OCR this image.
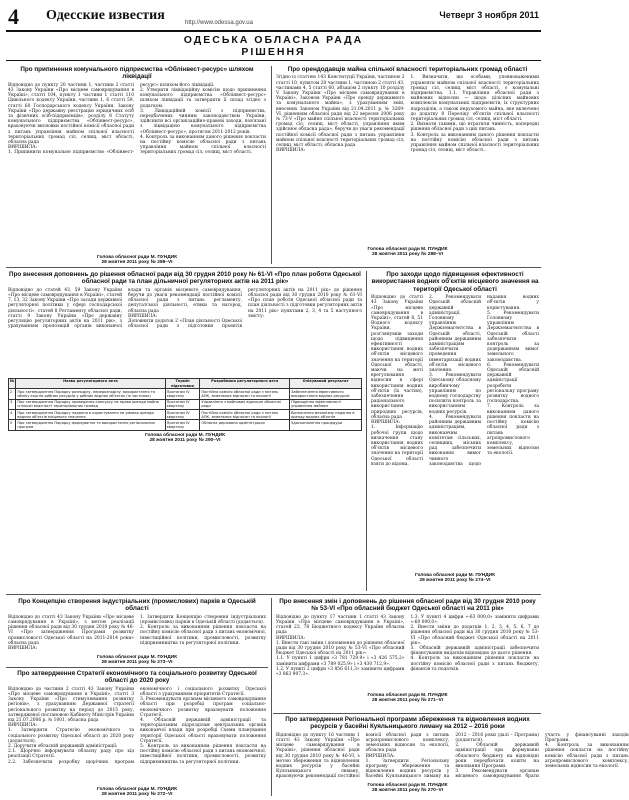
4 Одесские известия	http://www.odessa.gov.ua
Четверг 3 ноября 2011
ОДЕСЬКА ОБЛАСНА РАДА
РІШЕННЯ
Про припинення комунального підприємства «Облінвест-ресурс» шляхом ліквідації
Відповідно до пункту 20 частини 1, частини 2 статті 43 Закону України «Про місцеве самоврядування в Україні», статті 104, пункту 1 частини 1 статті 110 Цивільного кодексу України, частини 1, 6 статті 59, статті 60 Господарського кодексу України, Закону України «Про державну реєстрацію юридичних осіб та фізичних осіб-підприємців», розділу 8 Статуту комунального підприємства «Облінвест-ресурс», враховуючи висновки постійної комісії обласної ради з питань управління майном спільної власності територіальних громад сіл, селищ, міст області, обласна рада
ВИРІШИЛА:
1. Припинити комунальне підприємство «Облінвест-ресурс» шляхом його ліквідації.
2. Утворити ліквідаційну комісію щодо припинення комунального підприємства «Облінвест-ресурс» шляхом ліквідації та затвердити її склад згідно з додатком.
3. Ліквідаційній комісії з підприємства, передбачених чинним законодавством України, здійснити всі організаційно-правові заходи, пов'язані з ліквідацією комунального підприємства «Облінвест-ресурс», протягом 2011-2012 років.
4. Контроль за виконанням даного рішення покласти на постійну комісію обласної ради з питань управління майном спільної власності територіальних громад сіл, селищ, міст області.
Голова обласної ради М. ПУНДИК
28 жовтня 2011 року № 289–VI
Про орендодавців майна спільної власності територіальних громад області
Згідно із статтею 143 Конституції України, частиною 2 статті 10, пунктом 20 частини 1, частиною 2 статті 43, частинами 4, 5 статті 60, абзацом 2 пункту 10 розділу V Закону України «Про місцеве самоврядування в Україні», Законом України «Про оренду державного та комунального майна», з урахуванням змін, внесених Законом України від 21.04.2011 р. № 3269-VI, рішенням обласної ради від 22 вересня 2006 року № 73-V «Про майно спільної власності територіальних громад сіл, селищ, міст області, управління яким здійснює обласна рада», беручи до уваги рекомендації постійної комісії обласної ради з питань управління майном спільної власності територіальних громад сіл, селищ, міст області, обласна рада
ВИРІШИЛА:
1. Визначити, що особами, уповноваженими управляти майном спільної власності територіальних громад сіл, селищ, міст області, є комунальні підприємства. 1.1. Управління обласної ради з майнових відносин — щодо цілісних майнових комплексів комунальних підприємств, їх структурних підрозділів, а також нерухомого майна, яке включено до додатку 8 Переліку об'єктів спільної власності територіальних громад сіл, селищ, міст області.
2. Визнати такими, що втратили чинність, попередні рішення обласної ради з цих питань.
3. Контроль за виконанням даного рішення покласти на постійну комісію обласної ради з питань управління майном спільної власності територіальних громад сіл, селищ, міст області.
Голова обласної ради М. ПУНДИК
28 жовтня 2011 року № 288–VI
Про внесення доповнень до рішення обласної ради від 30 грудня 2010 року № 61-VI «Про план роботи Одеської обласної ради та план дільничної регуляторних актів на 2011 рік»
Відповідно до статей 43, 59 Закону України «Про місцеве самоврядування в Україні», статей 7, 13, 32 Закону України «Про засади державної регуляторної політики у сфері господарської діяльності», статей 8 Регламенту обласної ради, статті 9 Закону України «Про державну регуляцію регуляторних актів на 2011 рік», з урахуванням пропозицій органів виконавчої влади та органів місцевого самоврядування, беручи до уваги рекомендації постійної комісії обласної ради з питань регламенту, депутатської діяльності, етики та нагород, обласна рада
ВИРІШИЛА:
Доповнити додаток 2 «План діяльності Одеської обласної ради з підготовки проектів регуляторних актів на 2011 рік» до рішення обласної ради від 30 грудня 2010 року № 61-VI «Про план роботи Одеської обласної ради та план діяльності з підготовки регуляторних актів на 2011 рік» пунктами 2, 3, 4 та 5 наступного змісту:
№	Назва регуляторного акта	Термін підготовки	Розробники регуляторного акта	Очікуваний результат
2	Про затвердження Порядку розподілу, перерозподілу, використання та обліку коштів рибних ресурсів у рибних водних об'єктах (їх частинах)	Протягом IV кварталу	Постійна комісія обласної ради з питань АПК, земельних відносин та екології	Забезпечення ефективного використання водних ресурсів
3	Про затвердження Порядку проведення конкурсу на право оренди майна спільної власності територіальних громад	Протягом IV кварталу	Управління з майнових відносин обласної ради	Підвищення ефективності управління майном
4	Про затвердження Порядку надання в користування на умовах оренди водних об'єктів місцевого значення	Протягом IV кварталу	Постійна комісія обласної ради з питань АПК, земельних відносин та екології	Визначення механізму надання в оренду водних об'єктів
5	Про затвердження Порядку формування та використання регіональних програм	Протягом IV кварталу	Обласна державна адміністрація	Удосконалення процедури
Голова обласної ради М. ПУНДИК
28 жовтня 2011 року № 290–VI
Про заходи щодо підвищення ефективності використання водних об'єктів місцевого значення на території Одеської області
Відповідно до статті 43 Закону України «Про місцеве самоврядування в Україні», статей 8, 51 Водного кодексу України, розглянувши заходи щодо підвищення ефективності використання водних об'єктів місцевого значення на території Одеської області, маючи на меті врегулювання відносин в сфері використання водних об'єктів (їх частин), забезпечення раціонального використання природних ресурсів, обласна рада
ВИРІШИЛА:
1. Інформацію робочої групи щодо визначення стану використання водних об'єктів місцевого значення на території Одеської області взяти до відома.
2. Рекомендувати Одеській обласній державній адміністрації, Головному управлінню Держземагентства в Одеській області, районним державним адміністраціям забезпечити проведення інвентаризації водних об'єктів місцевого значення.
3. Рекомендувати Одеському обласному виробничому управлінню по водному господарству посилити контроль за використанням водних ресурсів.
4. Рекомендувати районним державним адміністраціям, виконавчим комітетам сільських, селищних, міських рад забезпечити виконання вимог чинного законодавства щодо надання водних об'єктів у користування.
5. Рекомендувати Головному управлінню Держземагентства в Одеській області забезпечити контроль за додержанням вимог земельного законодавства.
6. Рекомендувати Одеській обласній державній адміністрації розробити регіональну програму розвитку водного господарства.
7. Контроль за виконанням даного рішення покласти на постійну комісію обласної ради з питань агропромислового комплексу, земельних відносин та екології.
Голова обласної ради М. ПУНДИК
28 жовтня 2011 року № 274–VI
Про Концепцію створення індустріальних (промислових) парків в Одеській області
Відповідно до статті 43 Закону України «Про місцеве самоврядування в Україні», з метою реалізації рішення обласної ради від 30 грудня 2010 року № 46-VI «Про затвердження Програми розвитку промисловості Одеської області на 2011-2014 роки» обласна рада
ВИРІШИЛА:
1. Затвердити Концепцію створення індустріальних (промислових) парків в Одеській області (додається).
2. Контроль за виконанням рішення покласти на постійну комісію обласної ради з питань економічної, інвестиційної політики, промисловості, розвитку підприємництва та регуляторної політики.
Голова обласної ради М. ПУНДИК
28 жовтня 2011 року № 273–VI
Про затвердження Стратегії економічного та соціального розвитку Одеської області до 2020 року
Відповідно до частини 2 статті 43 Закону України «Про місцеве самоврядування в Україні», статті 3 Закону України «Про стимулювання розвитку регіонів», з урахуванням Державної стратегії регіонального розвитку на період до 2015 року, затвердженої постановою Кабінету Міністрів України від 21.07.2006 р. № 1001, обласна рада
ВИРІШИЛА:
1. Затвердити Стратегію економічного та соціального розвитку Одеської області до 2020 року (додається).
2. Доручити обласній державній адміністрації:
2.1. Щорічно інформувати обласну раду про хід реалізації Стратегії.
2.2. Забезпечити розробку щорічних програм економічного і соціального розвитку Одеської області з урахуванням пріоритетів Стратегії.
3. Рекомендувати органам місцевого самоврядування області при розробці програм соціально-економічного розвитку враховувати положення Стратегії.
4. Обласній державній адміністрації та територіальним підрозділам центральних органів виконавчої влади при розробці Схеми планування території Одеської області враховувати положення Стратегії.
5. Контроль за виконанням рішення покласти на постійну комісію обласної ради з питань економічної, інвестиційної політики, промисловості, розвитку підприємництва та регуляторної політики.
Голова обласної ради М. ПУНДИК
28 жовтня 2011 року № 272–VI
Про внесення змін і доповнень до рішення обласної ради від 30 грудня 2010 року № 53-VI «Про обласний бюджет Одеської області на 2011 рік»
Відповідно до пункту 17 частини 1 статті 43 Закону України «Про місцеве самоврядування в Україні», статей 23, 78 Бюджетного кодексу України обласна рада
ВИРІШИЛА:
1. Внести такі зміни і доповнення до рішення обласної ради від 30 грудня 2010 року № 53-VI «Про обласний бюджет Одеської області на 2011 рік»:
1.1. У пункті 1 цифри «3 781 729,9» і «3 426 575,2» замінити цифрами «3 789 025,9» і «3 430 712,9».
1.2. У пункті 2 цифри «3 856 611,3» замінити цифрами «3 863 907,3».
1.3. У пункті 4 цифри «-63 000,0» замінити цифрами «-60 000,0».
2. Внести зміни до додатків 1, 2, 3, 4, 5, 6, 7 до рішення обласної ради від 30 грудня 2010 року № 53-VI «Про обласний бюджет Одеської області на 2011 рік».
3. Обласній державній адміністрації забезпечити фінансування видатків відповідно до цього рішення.
4. Контроль за виконанням рішення покласти на постійну комісію обласної ради з питань бюджету, фінансів та податків.
Голова обласної ради М. ПУНДИК
28 жовтня 2011 року № 271–VI
Про затвердження Регіональної програми збереження та відновлення водних ресурсів у басейні Куяльницького лиману на 2012 – 2016 роки
Відповідно до пункту 16 частини 1 статті 43 Закону України «Про місцеве самоврядування в Україні», рішення обласної ради від 30 грудня 2010 року № 46-VI, з метою збереження та відновлення водних ресурсів у басейні Куяльницького лиману, враховуючи рекомендації постійної комісії обласної ради з питань агропромислового комплексу, земельних відносин та екології, обласна рада
ВИРІШИЛА:
1. Затвердити Регіональну програму збереження та відновлення водних ресурсів у басейні Куяльницького лиману на 2012 – 2016 роки (далі – Програма) (додається).
2. Обласній державній адміністрації при формуванні обласного бюджету на відповідні роки передбачати кошти на виконання Програми.
3. Рекомендувати органам місцевого самоврядування брати участь у фінансуванні заходів Програми.
4. Контроль за виконанням рішення покласти на постійну комісію обласної ради з питань агропромислового комплексу, земельних відносин та екології.
Голова обласної ради М. ПУНДИК
28 жовтня 2011 року № 270–VI
